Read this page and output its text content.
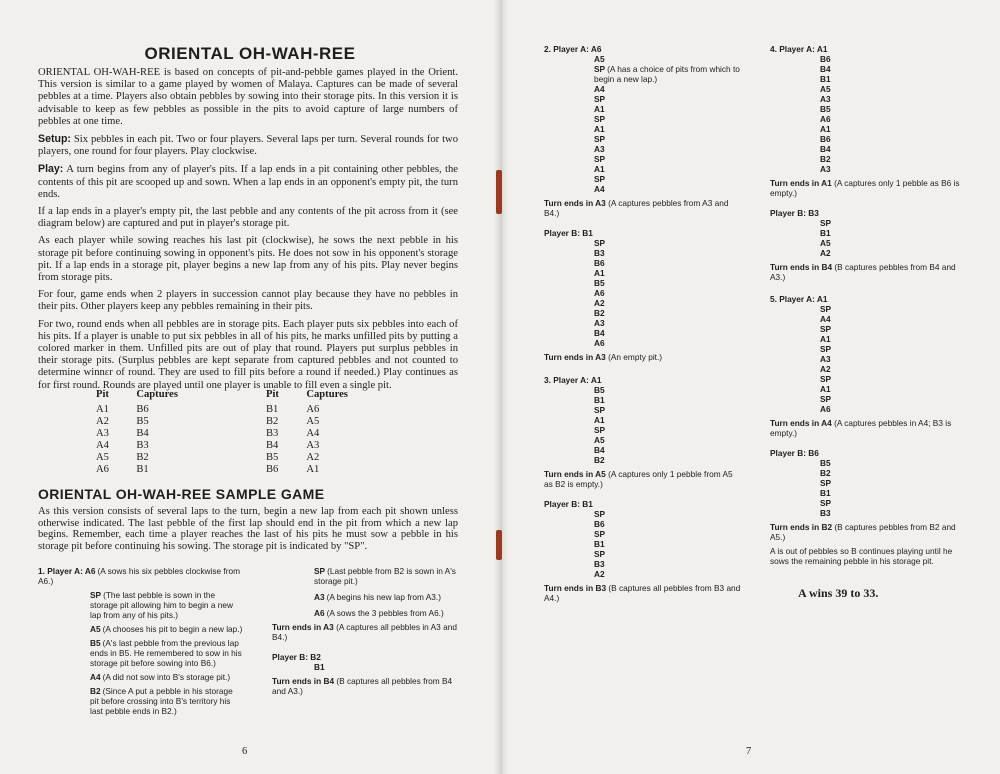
ORIENTAL OH-WAH-REE

ORIENTAL OH-WAH-REE is based on concepts of pit-and-pebble games played in the Orient. This version is similar to a game played by women of Malaya. Captures can be made of several pebbles at a time. Players also obtain pebbles by sowing into their storage pits. In this version it is advisable to keep as few pebbles as possible in the pits to avoid capture of large numbers of pebbles at one time.

Setup: Six pebbles in each pit. Two or four players. Several laps per turn. Several rounds for two players, one round for four players. Play clockwise.

Play: A turn begins from any of player's pits. If a lap ends in a pit containing other pebbles, the contents of this pit are scooped up and sown. When a lap ends in an opponent's empty pit, the turn ends.

If a lap ends in a player's empty pit, the last pebble and any contents of the pit across from it (see diagram below) are captured and put in player's storage pit.

As each player while sowing reaches his last pit (clockwise), he sows the next pebble in his storage pit before continuing sowing in opponent's pits. He does not sow in his opponent's storage pit. If a lap ends in a storage pit, player begins a new lap from any of his pits. Play never begins from storage pits.

For four, game ends when 2 players in succession cannot play because they have no pebbles in their pits. Other players keep any pebbles remaining in their pits.

For two, round ends when all pebbles are in storage pits. Each player puts six pebbles into each of his pits. If a player is unable to put six pebbles in all of his pits, he marks unfilled pits by putting a colored marker in them. Unfilled pits are out of play that round. Players put surplus pebbles in their storage pits. (Surplus pebbles are kept separate from captured pebbles and not counted to determine winnεr of round. They are used to fill pits before a round if needed.) Play continues as for first round. Rounds are played until one player is unable to fill even a single pit.

Pit	Captures	Pit	Captures
A1	B6	B1	A6
A2	B5	B2	A5
A3	B4	B3	A4
A4	B3	B4	A3
A5	B2	B5	A2
A6	B1	B6	A1
ORIENTAL OH-WAH-REE SAMPLE GAME

As this version consists of several laps to the turn, begin a new lap from each pit shown unless otherwise indicated. The last pebble of the first lap should end in the pit from which a new lap begins. Remember, each time a player reaches the last of his pits he must sow a pebble in his storage pit before continuing his sowing. The storage pit is indicated by "SP".

1. Player A: A6 (A sows his six pebbles clockwise from A6.)
SP (The last pebble is sown in the storage pit allowing him to begin a new lap from any of his pits.)
A5 (A chooses his pit to begin a new lap.)
B5 (A's last pebble from the previous lap ends in B5. He remembered to sow in his storage pit before sowing into B6.)
A4 (A did not sow into B's storage pit.)
B2 (Since A put a pebble in his storage pit before crossing into B's territory his last pebble ends in B2.)
SP (Last pebble from B2 is sown in A's storage pit.)
A3 (A begins his new lap from A3.)
A6 (A sows the 3 pebbles from A6.)
Turn ends in A3 (A captures all pebbles in A3 and B4.)
Player B: B2
B1
Turn ends in B4 (B captures all pebbles from B4 and A3.)
6
2. Player A: A6
A5
SP (A has a choice of pits from which to begin a new lap.)
A4
SP
A1
SP
A1
SP
A3
SP
A1
SP
A4
Turn ends in A3 (A captures pebbles from A3 and B4.)
Player B: B1
SP
B3
B6
A1
B5
A6
A2
B2
A3
B4
A6
Turn ends in A3 (An empty pit.)
3. Player A: A1
B5
B1
SP
A1
SP
A5
B4
B2
Turn ends in A5 (A captures only 1 pebble from A5 as B2 is empty.)
Player B: B1
SP
B6
SP
B1
SP
B3
A2
Turn ends in B3 (B captures all pebbles from B3 and A4.)
4. Player A: A1
B6
B4
B1
A5
A3
B5
A6
A1
B6
B4
B2
A3
Turn ends in A1 (A captures only 1 pebble as B6 is empty.)
Player B: B3
SP
B1
A5
A2
Turn ends in B4 (B captures pebbles from B4 and A3.)
5. Player A: A1
SP
A4
SP
A1
SP
A3
A2
SP
A1
SP
A6
Turn ends in A4 (A captures pebbles in A4; B3 is empty.)
Player B: B6
B5
B2
SP
B1
SP
B3
Turn ends in B2 (B captures pebbles from B2 and A5.)
A is out of pebbles so B continues playing until he sows the remaining pebble in his storage pit.
A wins 39 to 33.
7
